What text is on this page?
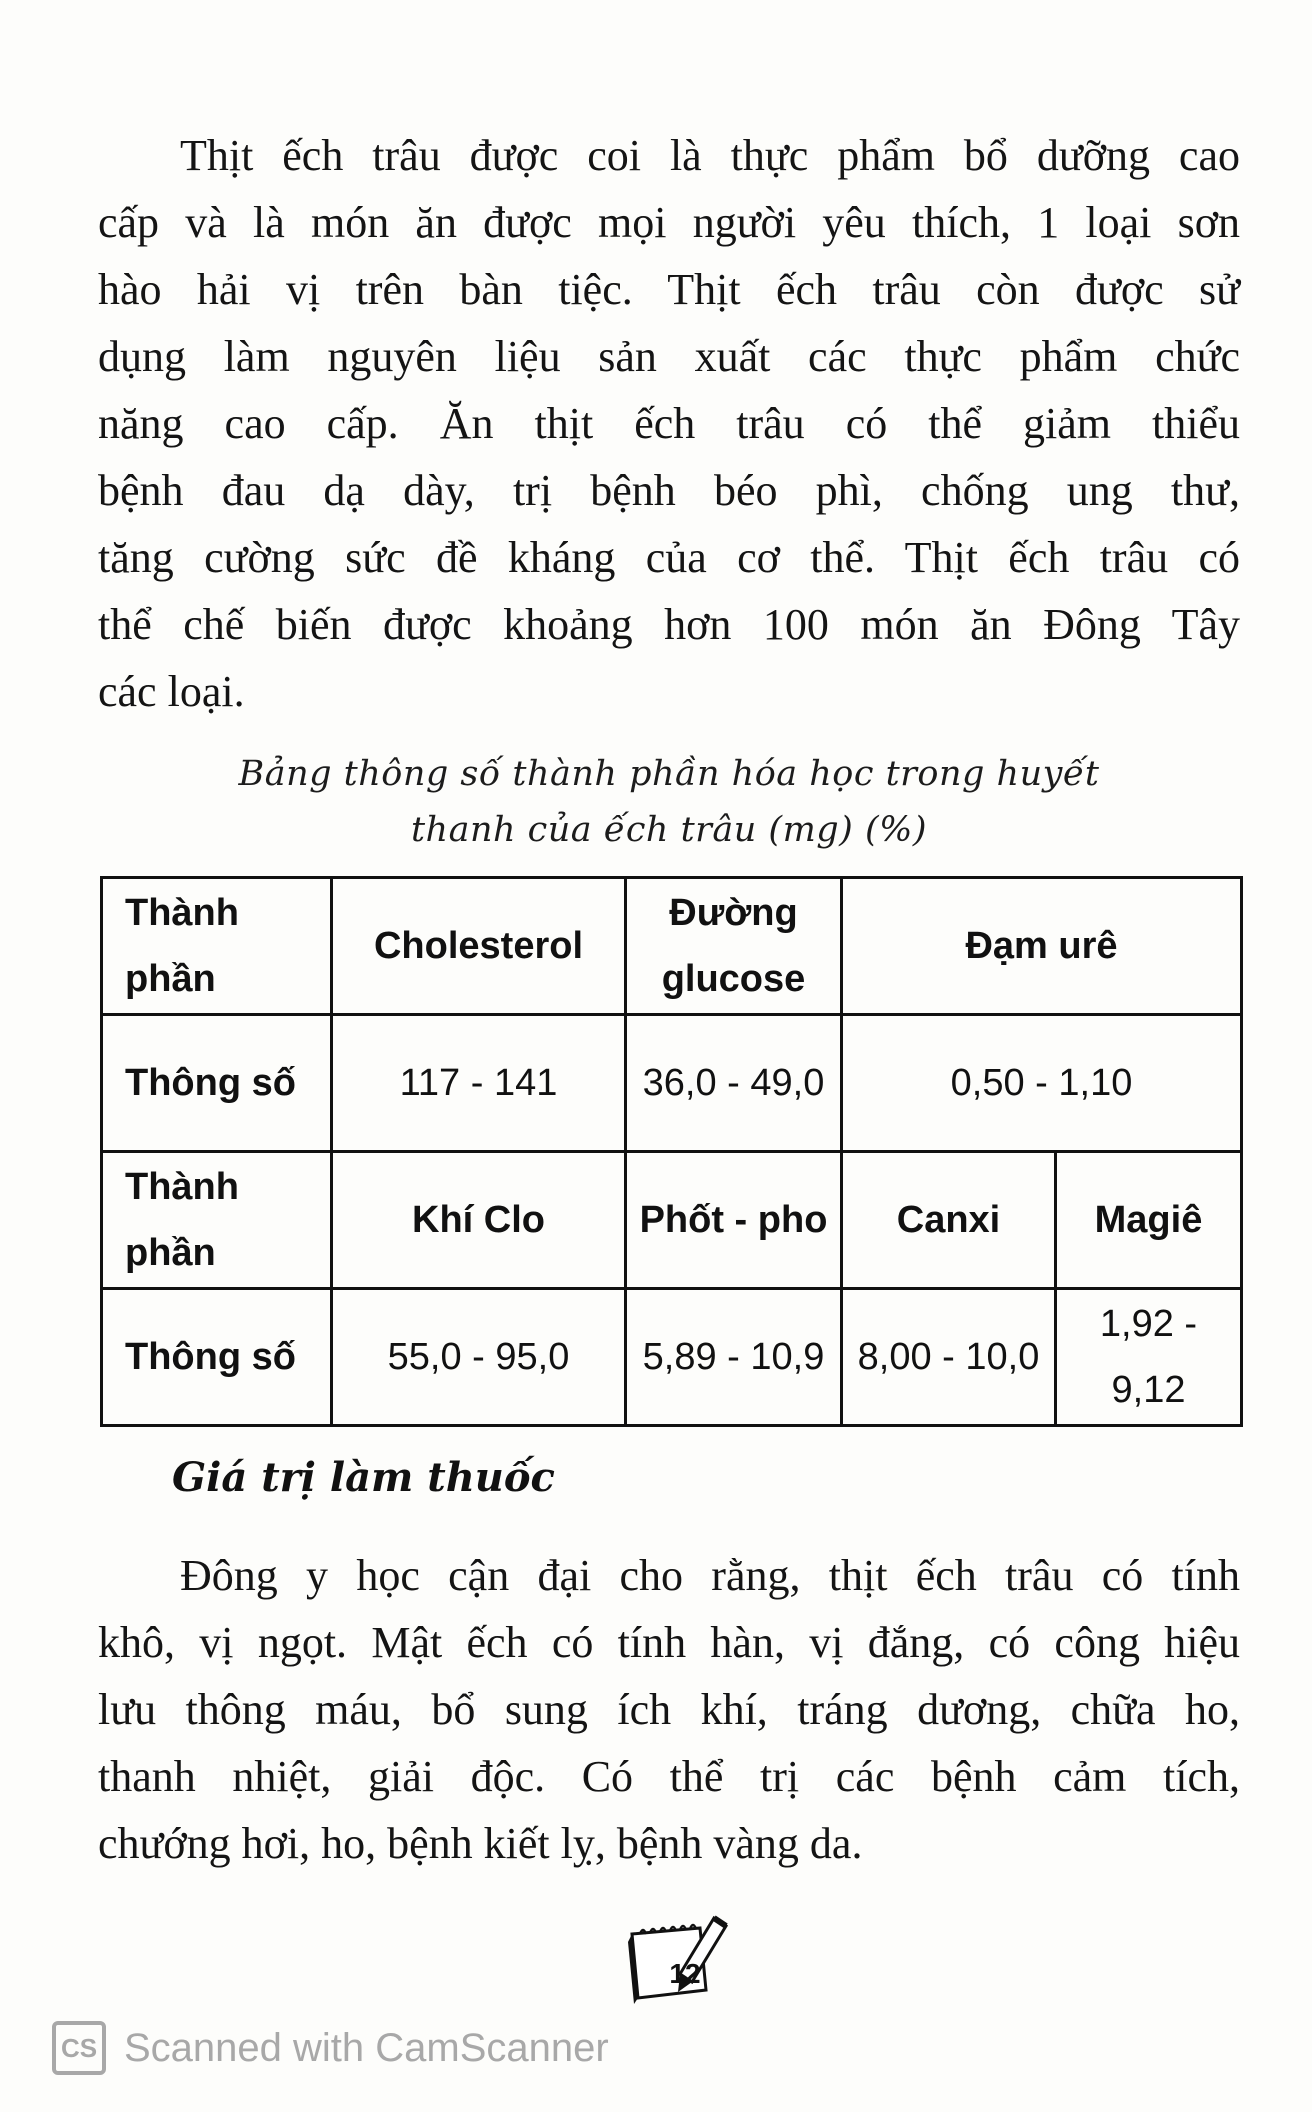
Thịt ếch trâu được coi là thực phẩm bổ dưỡng cao
cấp và là món ăn được mọi người yêu thích, 1 loại sơn
hào hải vị trên bàn tiệc. Thịt ếch trâu còn được sử
dụng làm nguyên liệu sản xuất các thực phẩm chức
năng cao cấp. Ăn thịt ếch trâu có thể giảm thiểu
bệnh đau dạ dày, trị bệnh béo phì, chống ung thư,
tăng cường sức đề kháng của cơ thể. Thịt ếch trâu có
thể chế biến được khoảng hơn 100 món ăn Đông Tây
các loại.
Bảng thông số thành phần hóa học trong huyết
thanh của ếch trâu (mg) (%)
Thành phần	Cholesterol	Đường glucose	Đạm urê	
Thông số	117 - 141	36,0 - 49,0	0,50 - 1,10	
Thành phần	Khí Clo	Phốt - pho	Canxi	Magiê
Thông số	55,0 - 95,0	5,89 - 10,9	8,00 - 10,0	1,92 - 9,12
Giá trị làm thuốc
Đông y học cận đại cho rằng, thịt ếch trâu có tính
khô, vị ngọt. Mật ếch có tính hàn, vị đắng, có công hiệu
lưu thông máu, bổ sung ích khí, tráng dương, chữa ho,
thanh nhiệt, giải độc. Có thể trị các bệnh cảm tích,
chướng hơi, ho, bệnh kiết lỵ, bệnh vàng da.
12
CS Scanned with CamScanner
